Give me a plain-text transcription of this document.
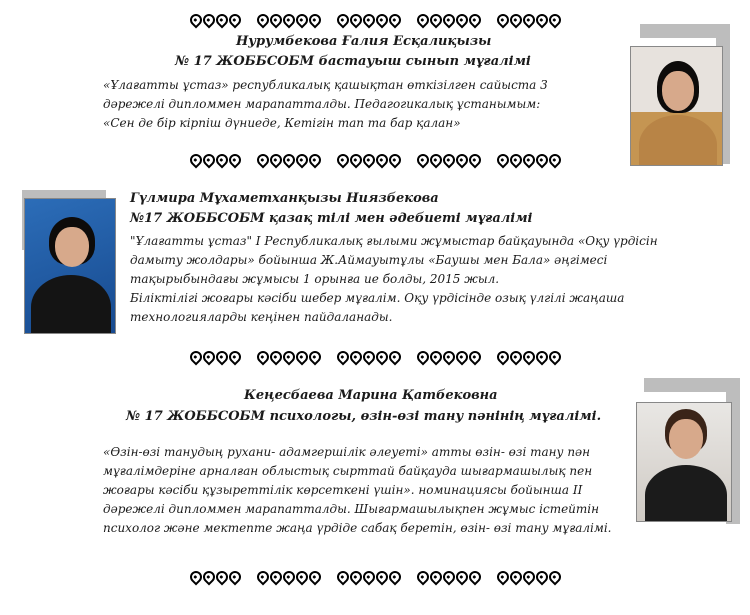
Нурумбекова Ғалия Есқалиқызы
№ 17 ЖОББСОБМ бастауыш сынып мұғалімі
«Ұлағатты ұстаз» республикалық қашықтан өткізілген сайыста 3
дәрежелі дипломмен марапатталды. Педагогикалық ұстанымым:
«Сен де бір кірпіш дүниеде, Кетігін тап та бар қалан»
Гүлмира Мұхаметханқызы Ниязбекова
№17 ЖОББСОБМ қазақ тілі мен әдебиеті мұғалімі
"Ұлағатты ұстаз" І Республикалық ғылыми жұмыстар байқауында «Оқу үрдісін
дамыту жолдары» бойынша Ж.Аймауытұлы «Баушы мен Бала» әңгімесі
тақырыбындағы жұмысы 1 орынға ие болды, 2015 жыл.
Біліктілігі жоғары кәсіби шебер мұғалім. Оқу үрдісінде озық үлгілі жаңаша
технологияларды кеңінен пайдаланады.
Кеңесбаева Марина Қатбековна
№ 17 ЖОББСОБМ психологы, өзін-өзі тану пәнінің мұғалімі.
«Өзін-өзі танудың рухани- адамгершілік әлеуеті» атты өзін- өзі тану пән
мұғалімдеріне арналған облыстық сырттай байқауда шығармашылық пен
жоғары кәсіби құзыреттілік көрсеткені үшін». номинациясы бойынша ІІ
дәрежелі дипломмен марапатталды. Шығармашылықпен жұмыс істейтін
психолог және мектепте жаңа үрдіде сабақ беретін, өзін- өзі тану мұғалімі.
